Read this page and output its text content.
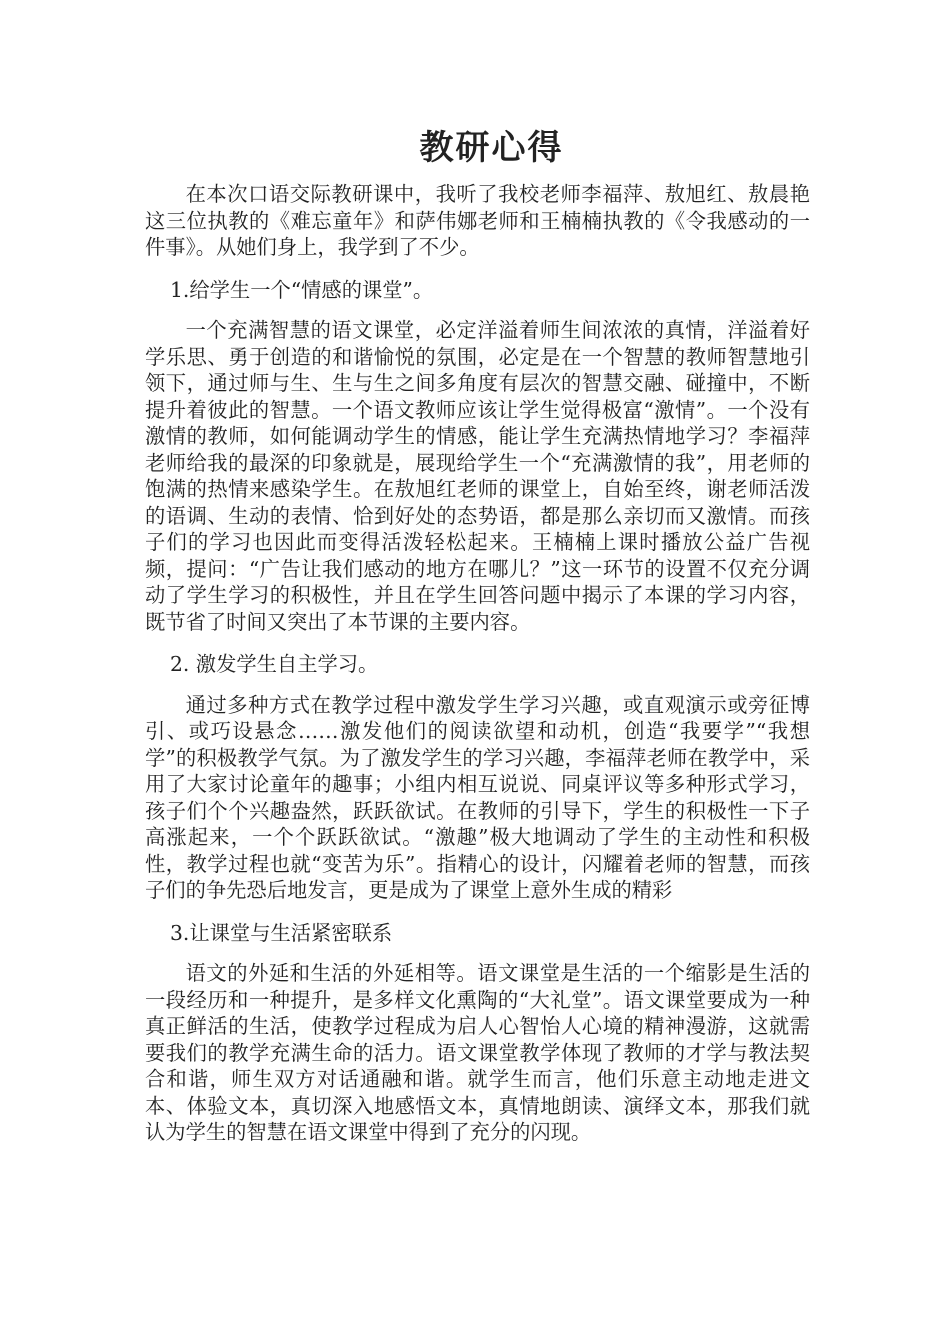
教研心得

在本次口语交际教研课中，我听了我校老师李福萍、敖旭红、敖晨艳这三位执教的《难忘童年》和萨伟娜老师和王楠楠执教的《令我感动的一件事》。从她们身上，我学到了不少。

1.给学生一个“情感的课堂”。

一个充满智慧的语文课堂，必定洋溢着师生间浓浓的真情，洋溢着好学乐思、勇于创造的和谐愉悦的氛围，必定是在一个智慧的教师智慧地引领下，通过师与生、生与生之间多角度有层次的智慧交融、碰撞中，不断提升着彼此的智慧。一个语文教师应该让学生觉得极富“激情”。一个没有激情的教师，如何能调动学生的情感，能让学生充满热情地学习？李福萍老师给我的最深的印象就是，展现给学生一个“充满激情的我”，用老师的饱满的热情来感染学生。在敖旭红老师的课堂上，自始至终，谢老师活泼的语调、生动的表情、恰到好处的态势语，都是那么亲切而又激情。而孩子们的学习也因此而变得活泼轻松起来。王楠楠上课时播放公益广告视频，提问：“广告让我们感动的地方在哪儿？”这一环节的设置不仅充分调动了学生学习的积极性，并且在学生回答问题中揭示了本课的学习内容，既节省了时间又突出了本节课的主要内容。

2. 激发学生自主学习。

通过多种方式在教学过程中激发学生学习兴趣，或直观演示或旁征博引、或巧设悬念……激发他们的阅读欲望和动机，创造“我要学”“我想学”的积极教学气氛。为了激发学生的学习兴趣，李福萍老师在教学中，采用了大家讨论童年的趣事；小组内相互说说、同桌评议等多种形式学习，孩子们个个兴趣盎然，跃跃欲试。在教师的引导下，学生的积极性一下子高涨起来，一个个跃跃欲试。“激趣”极大地调动了学生的主动性和积极性，教学过程也就“变苦为乐”。指精心的设计，闪耀着老师的智慧，而孩子们的争先恐后地发言，更是成为了课堂上意外生成的精彩

3.让课堂与生活紧密联系

语文的外延和生活的外延相等。语文课堂是生活的一个缩影是生活的一段经历和一种提升，是多样文化熏陶的“大礼堂”。语文课堂要成为一种真正鲜活的生活，使教学过程成为启人心智怡人心境的精神漫游，这就需要我们的教学充满生命的活力。语文课堂教学体现了教师的才学与教法契合和谐，师生双方对话通融和谐。就学生而言，他们乐意主动地走进文本、体验文本，真切深入地感悟文本，真情地朗读、演绎文本，那我们就认为学生的智慧在语文课堂中得到了充分的闪现。
